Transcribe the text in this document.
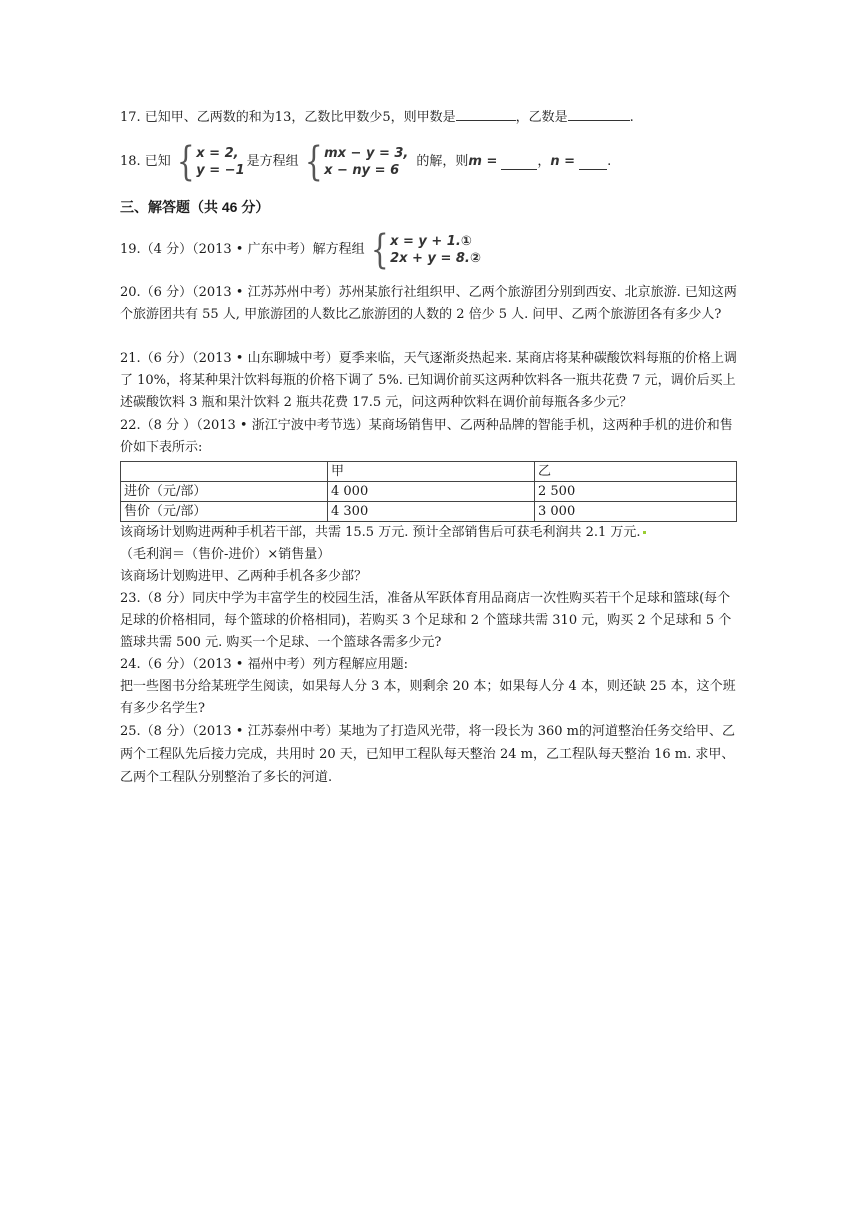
17. 已知甲、乙两数的和为13，乙数比甲数少5，则甲数是	，乙数是	.
18. 已知 { x = 2,
y = −1
是方程组 { mx − y = 3,
x − ny = 6
的解，则 m =	， n = .
三、解答题（共 46 分）
19.（4 分）（2013 • 广东中考）解方程组 { x = y + 1.①
2x + y = 8.②
20.（6 分）（2013 • 江苏苏州中考）苏州某旅行社组织甲、乙两个旅游团分别到西安、北京旅游. 已知这两个旅游团共有 55 人, 甲旅游团的人数比乙旅游团的人数的 2 倍少 5 人. 问甲、乙两个旅游团各有多少人?
21.（6 分）（2013 • 山东聊城中考）夏季来临，天气逐渐炎热起来. 某商店将某种碳酸饮料每瓶的价格上调了 10%，将某种果汁饮料每瓶的价格下调了 5%. 已知调价前买这两种饮料各一瓶共花费 7 元，调价后买上述碳酸饮料 3 瓶和果汁饮料 2 瓶共花费 17.5 元，问这两种饮料在调价前每瓶各多少元？
22.（8 分 ）（2013 • 浙江宁波中考节选）某商场销售甲、乙两种品牌的智能手机，这两种手机的进价和售价如下表所示:
	甲	乙
进价（元/部）	4 000	2 500
售价（元/部）	4 300	3 000
该商场计划购进两种手机若干部，共需 15.5 万元. 预计全部销售后可获毛利润共 2.1 万元.
（毛利润＝（售价-进价）×销售量）
该商场计划购进甲、乙两种手机各多少部？
23.（8 分）同庆中学为丰富学生的校园生活，准备从军跃体育用品商店一次性购买若干个足球和篮球(每个足球的价格相同，每个篮球的价格相同)，若购买 3 个足球和 2 个篮球共需 310 元，购买 2 个足球和 5 个篮球共需 500 元. 购买一个足球、一个篮球各需多少元?
24.（6 分）（2013 • 福州中考）列方程解应用题:
把一些图书分给某班学生阅读，如果每人分 3 本，则剩余 20 本；如果每人分 4 本，则还缺 25 本，这个班有多少名学生?
25.（8 分）（2013 • 江苏泰州中考）某地为了打造风光带，将一段长为 360 m的河道整治任务交给甲、乙两个工程队先后接力完成，共用时 20 天，已知甲工程队每天整治 24 m，乙工程队每天整治 16 m. 求甲、乙两个工程队分别整治了多长的河道.
